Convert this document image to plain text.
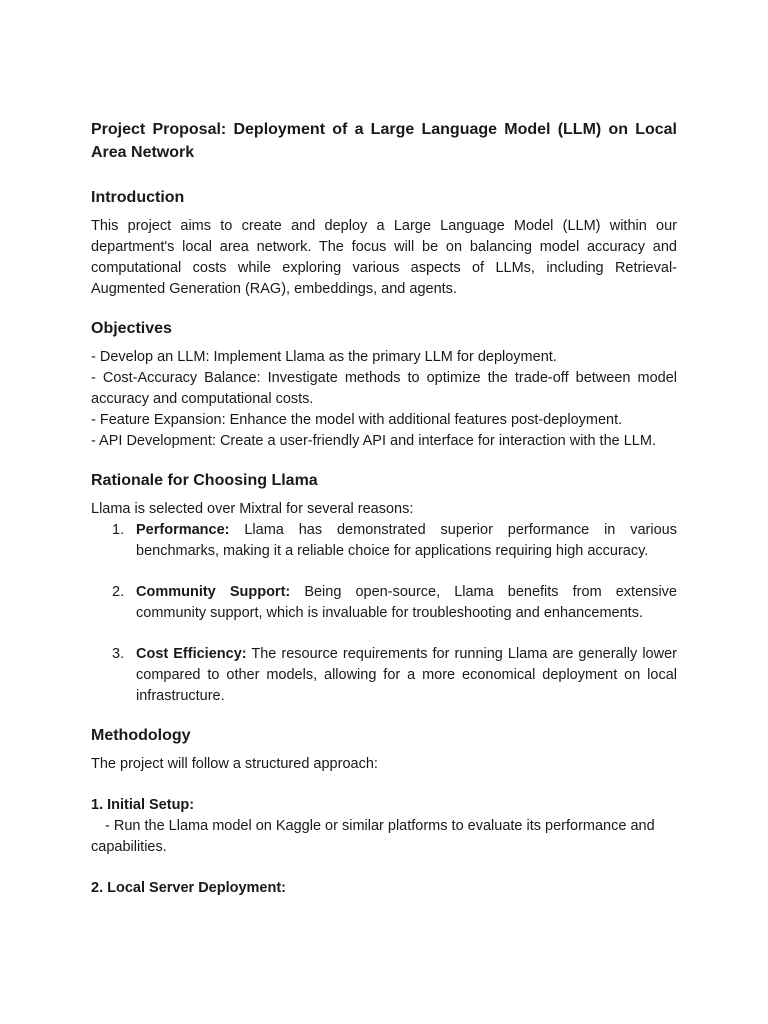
Project Proposal: Deployment of a Large Language Model (LLM) on Local Area Network
Introduction

This project aims to create and deploy a Large Language Model (LLM) within our department's local area network. The focus will be on balancing model accuracy and computational costs while exploring various aspects of LLMs, including Retrieval-Augmented Generation (RAG), embeddings, and agents.

Objectives

- Develop an LLM: Implement Llama as the primary LLM for deployment.

- Cost-Accuracy Balance: Investigate methods to optimize the trade-off between model accuracy and computational costs.

- Feature Expansion: Enhance the model with additional features post-deployment.

- API Development: Create a user-friendly API and interface for interaction with the LLM.

Rationale for Choosing Llama

Llama is selected over Mixtral for several reasons:

1. Performance: Llama has demonstrated superior performance in various benchmarks, making it a reliable choice for applications requiring high accuracy.
2. Community Support: Being open-source, Llama benefits from extensive community support, which is invaluable for troubleshooting and enhancements.
3. Cost Efficiency: The resource requirements for running Llama are generally lower compared to other models, allowing for a more economical deployment on local infrastructure.
Methodology

The project will follow a structured approach:

1. Initial Setup:

- Run the Llama model on Kaggle or similar platforms to evaluate its performance and capabilities.

2. Local Server Deployment:
